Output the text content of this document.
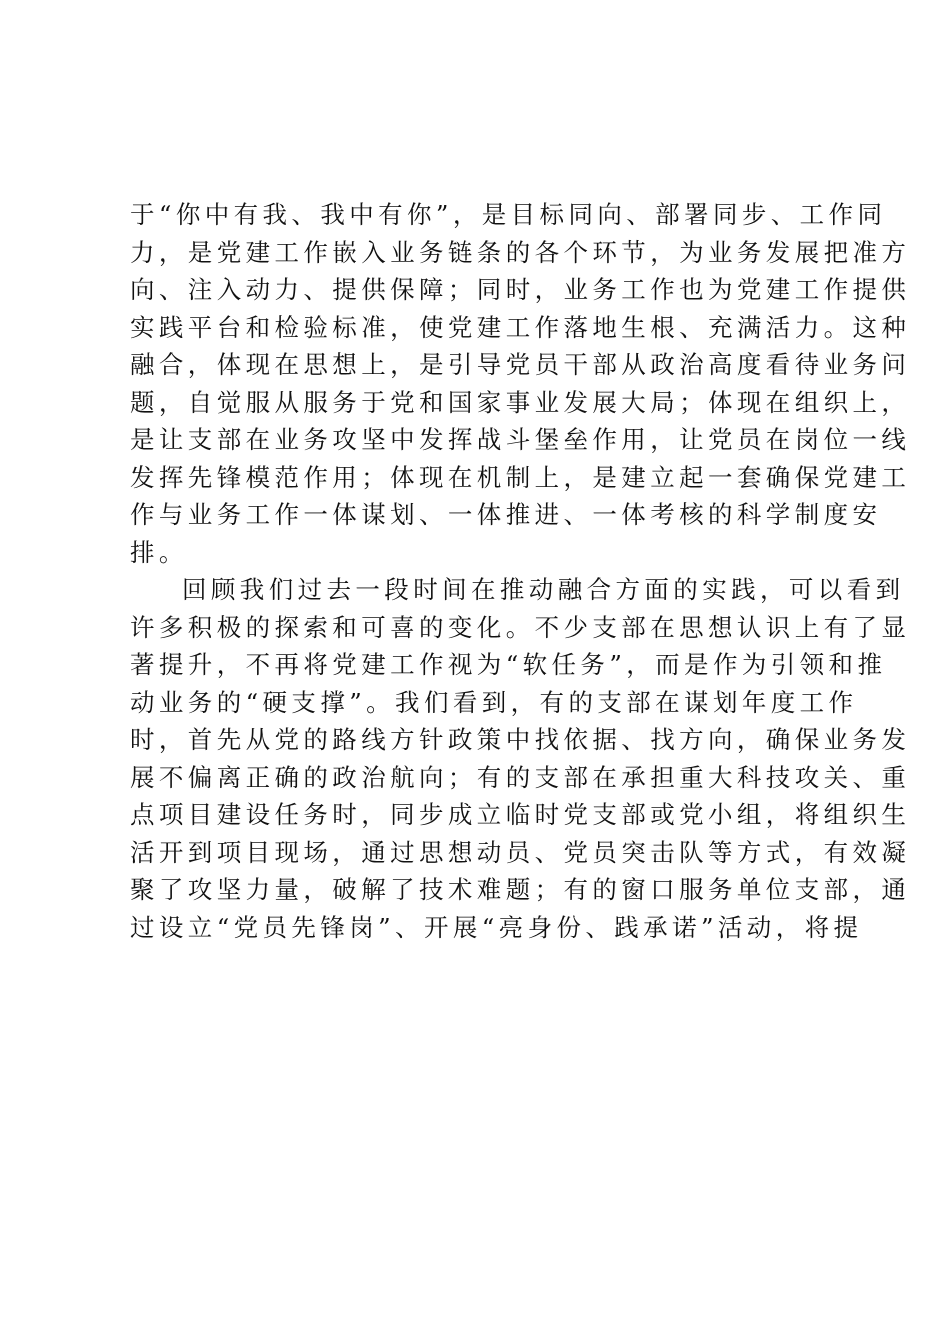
于“你中有我、我中有你”，是目标同向、部署同步、工作同
力，是党建工作嵌入业务链条的各个环节，为业务发展把准方
向、注入动力、提供保障；同时，业务工作也为党建工作提供
实践平台和检验标准，使党建工作落地生根、充满活力。这种
融合，体现在思想上，是引导党员干部从政治高度看待业务问
题，自觉服从服务于党和国家事业发展大局；体现在组织上，
是让支部在业务攻坚中发挥战斗堡垒作用，让党员在岗位一线
发挥先锋模范作用；体现在机制上，是建立起一套确保党建工
作与业务工作一体谋划、一体推进、一体考核的科学制度安
排。
回顾我们过去一段时间在推动融合方面的实践，可以看到
许多积极的探索和可喜的变化。不少支部在思想认识上有了显
著提升，不再将党建工作视为“软任务”，而是作为引领和推
动业务的“硬支撑”。我们看到，有的支部在谋划年度工作
时，首先从党的路线方针政策中找依据、找方向，确保业务发
展不偏离正确的政治航向；有的支部在承担重大科技攻关、重
点项目建设任务时，同步成立临时党支部或党小组，将组织生
活开到项目现场，通过思想动员、党员突击队等方式，有效凝
聚了攻坚力量，破解了技术难题；有的窗口服务单位支部，通
过设立“党员先锋岗”、开展“亮身份、践承诺”活动，将提
